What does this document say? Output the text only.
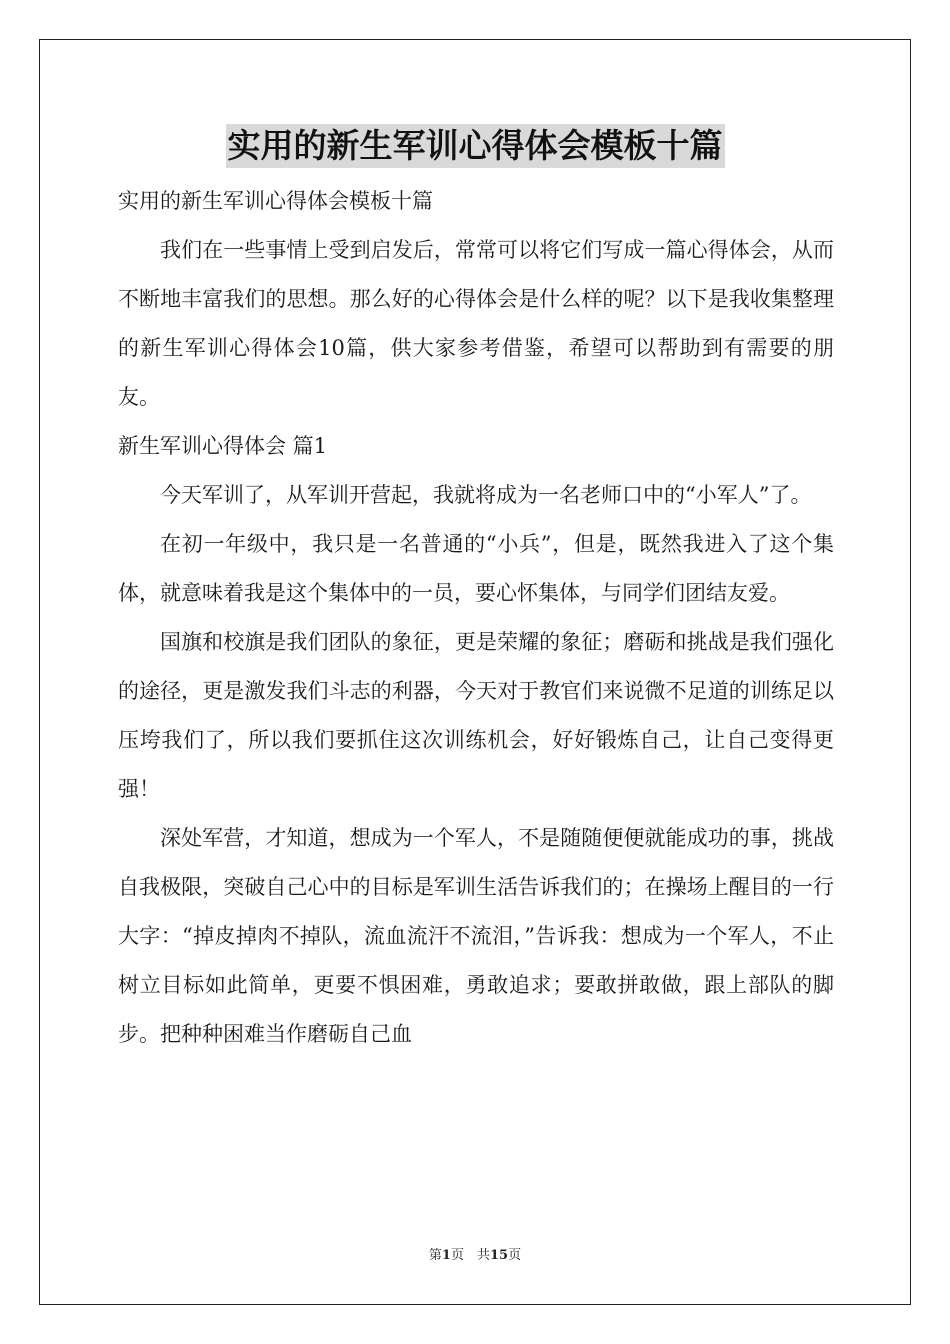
实用的新生军训心得体会模板十篇

实用的新生军训心得体会模板十篇

我们在一些事情上受到启发后，常常可以将它们写成一篇心得体会，从而不断地丰富我们的思想。那么好的心得体会是什么样的呢？以下是我收集整理的新生军训心得体会10篇，供大家参考借鉴，希望可以帮助到有需要的朋友。

新生军训心得体会 篇1

今天军训了，从军训开营起，我就将成为一名老师口中的“小军人”了。

在初一年级中，我只是一名普通的“小兵”，但是，既然我进入了这个集体，就意味着我是这个集体中的一员，要心怀集体，与同学们团结友爱。

国旗和校旗是我们团队的象征，更是荣耀的象征；磨砺和挑战是我们强化的途径，更是激发我们斗志的利器，今天对于教官们来说微不足道的训练足以压垮我们了，所以我们要抓住这次训练机会，好好锻炼自己，让自己变得更强！

深处军营，才知道，想成为一个军人，不是随随便便就能成功的事，挑战自我极限，突破自己心中的目标是军训生活告诉我们的；在操场上醒目的一行大字：“掉皮掉肉不掉队，流血流汗不流泪，”告诉我：想成为一个军人，不止树立目标如此简单，更要不惧困难，勇敢追求；要敢拼敢做，跟上部队的脚步。把种种困难当作磨砺自己血

第1页　共15页
